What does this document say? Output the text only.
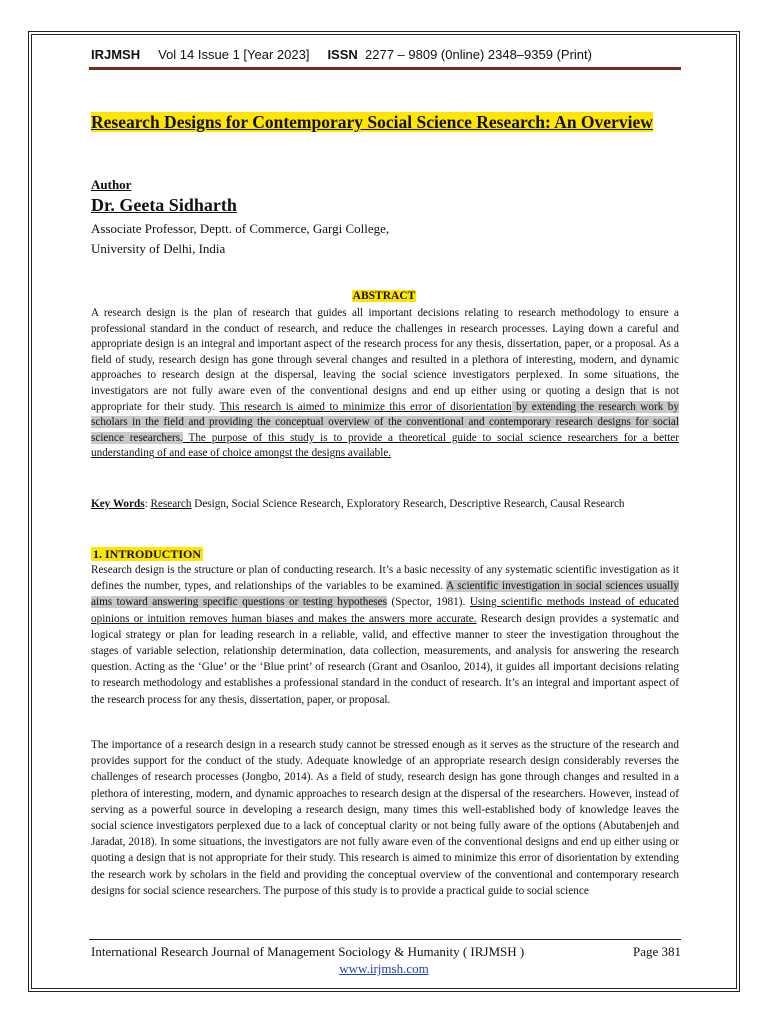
IRJMSH Vol 14 Issue 1 [Year 2023] ISSN 2277 – 9809 (0nline) 2348–9359 (Print)
Research Designs for Contemporary Social Science Research: An Overview
Author
Dr. Geeta Sidharth
Associate Professor, Deptt. of Commerce, Gargi College,
University of Delhi, India
ABSTRACT
A research design is the plan of research that guides all important decisions relating to research methodology to ensure a professional standard in the conduct of research, and reduce the challenges in research processes. Laying down a careful and appropriate design is an integral and important aspect of the research process for any thesis, dissertation, paper, or a proposal. As a field of study, research design has gone through several changes and resulted in a plethora of interesting, modern, and dynamic approaches to research design at the dispersal, leaving the social science investigators perplexed. In some situations, the investigators are not fully aware even of the conventional designs and end up either using or quoting a design that is not appropriate for their study. This research is aimed to minimize this error of disorientation by extending the research work by scholars in the field and providing the conceptual overview of the conventional and contemporary research designs for social science researchers. The purpose of this study is to provide a theoretical guide to social science researchers for a better understanding of and ease of choice amongst the designs available.
Key Words: Research Design, Social Science Research, Exploratory Research, Descriptive Research, Causal Research
1. INTRODUCTION
Research design is the structure or plan of conducting research. It’s a basic necessity of any systematic scientific investigation as it defines the number, types, and relationships of the variables to be examined. A scientific investigation in social sciences usually aims toward answering specific questions or testing hypotheses (Spector, 1981). Using scientific methods instead of educated opinions or intuition removes human biases and makes the answers more accurate. Research design provides a systematic and logical strategy or plan for leading research in a reliable, valid, and effective manner to steer the investigation throughout the stages of variable selection, relationship determination, data collection, measurements, and analysis for answering the research question. Acting as the ‘Glue’ or the ‘Blue print’ of research (Grant and Osanloo, 2014), it guides all important decisions relating to research methodology and establishes a professional standard in the conduct of research. It’s an integral and important aspect of the research process for any thesis, dissertation, paper, or proposal.
The importance of a research design in a research study cannot be stressed enough as it serves as the structure of the research and provides support for the conduct of the study. Adequate knowledge of an appropriate research design considerably reverses the challenges of research processes (Jongbo, 2014). As a field of study, research design has gone through changes and resulted in a plethora of interesting, modern, and dynamic approaches to research design at the dispersal of the researchers. However, instead of serving as a powerful source in developing a research design, many times this well-established body of knowledge leaves the social science investigators perplexed due to a lack of conceptual clarity or not being fully aware of the options (Abutabenjeh and Jaradat, 2018). In some situations, the investigators are not fully aware even of the conventional designs and end up either using or quoting a design that is not appropriate for their study. This research is aimed to minimize this error of disorientation by extending the research work by scholars in the field and providing the conceptual overview of the conventional and contemporary research designs for social science researchers. The purpose of this study is to provide a practical guide to social science
International Research Journal of Management Sociology & Humanity ( IRJMSH )	Page 381
www.irjmsh.com
